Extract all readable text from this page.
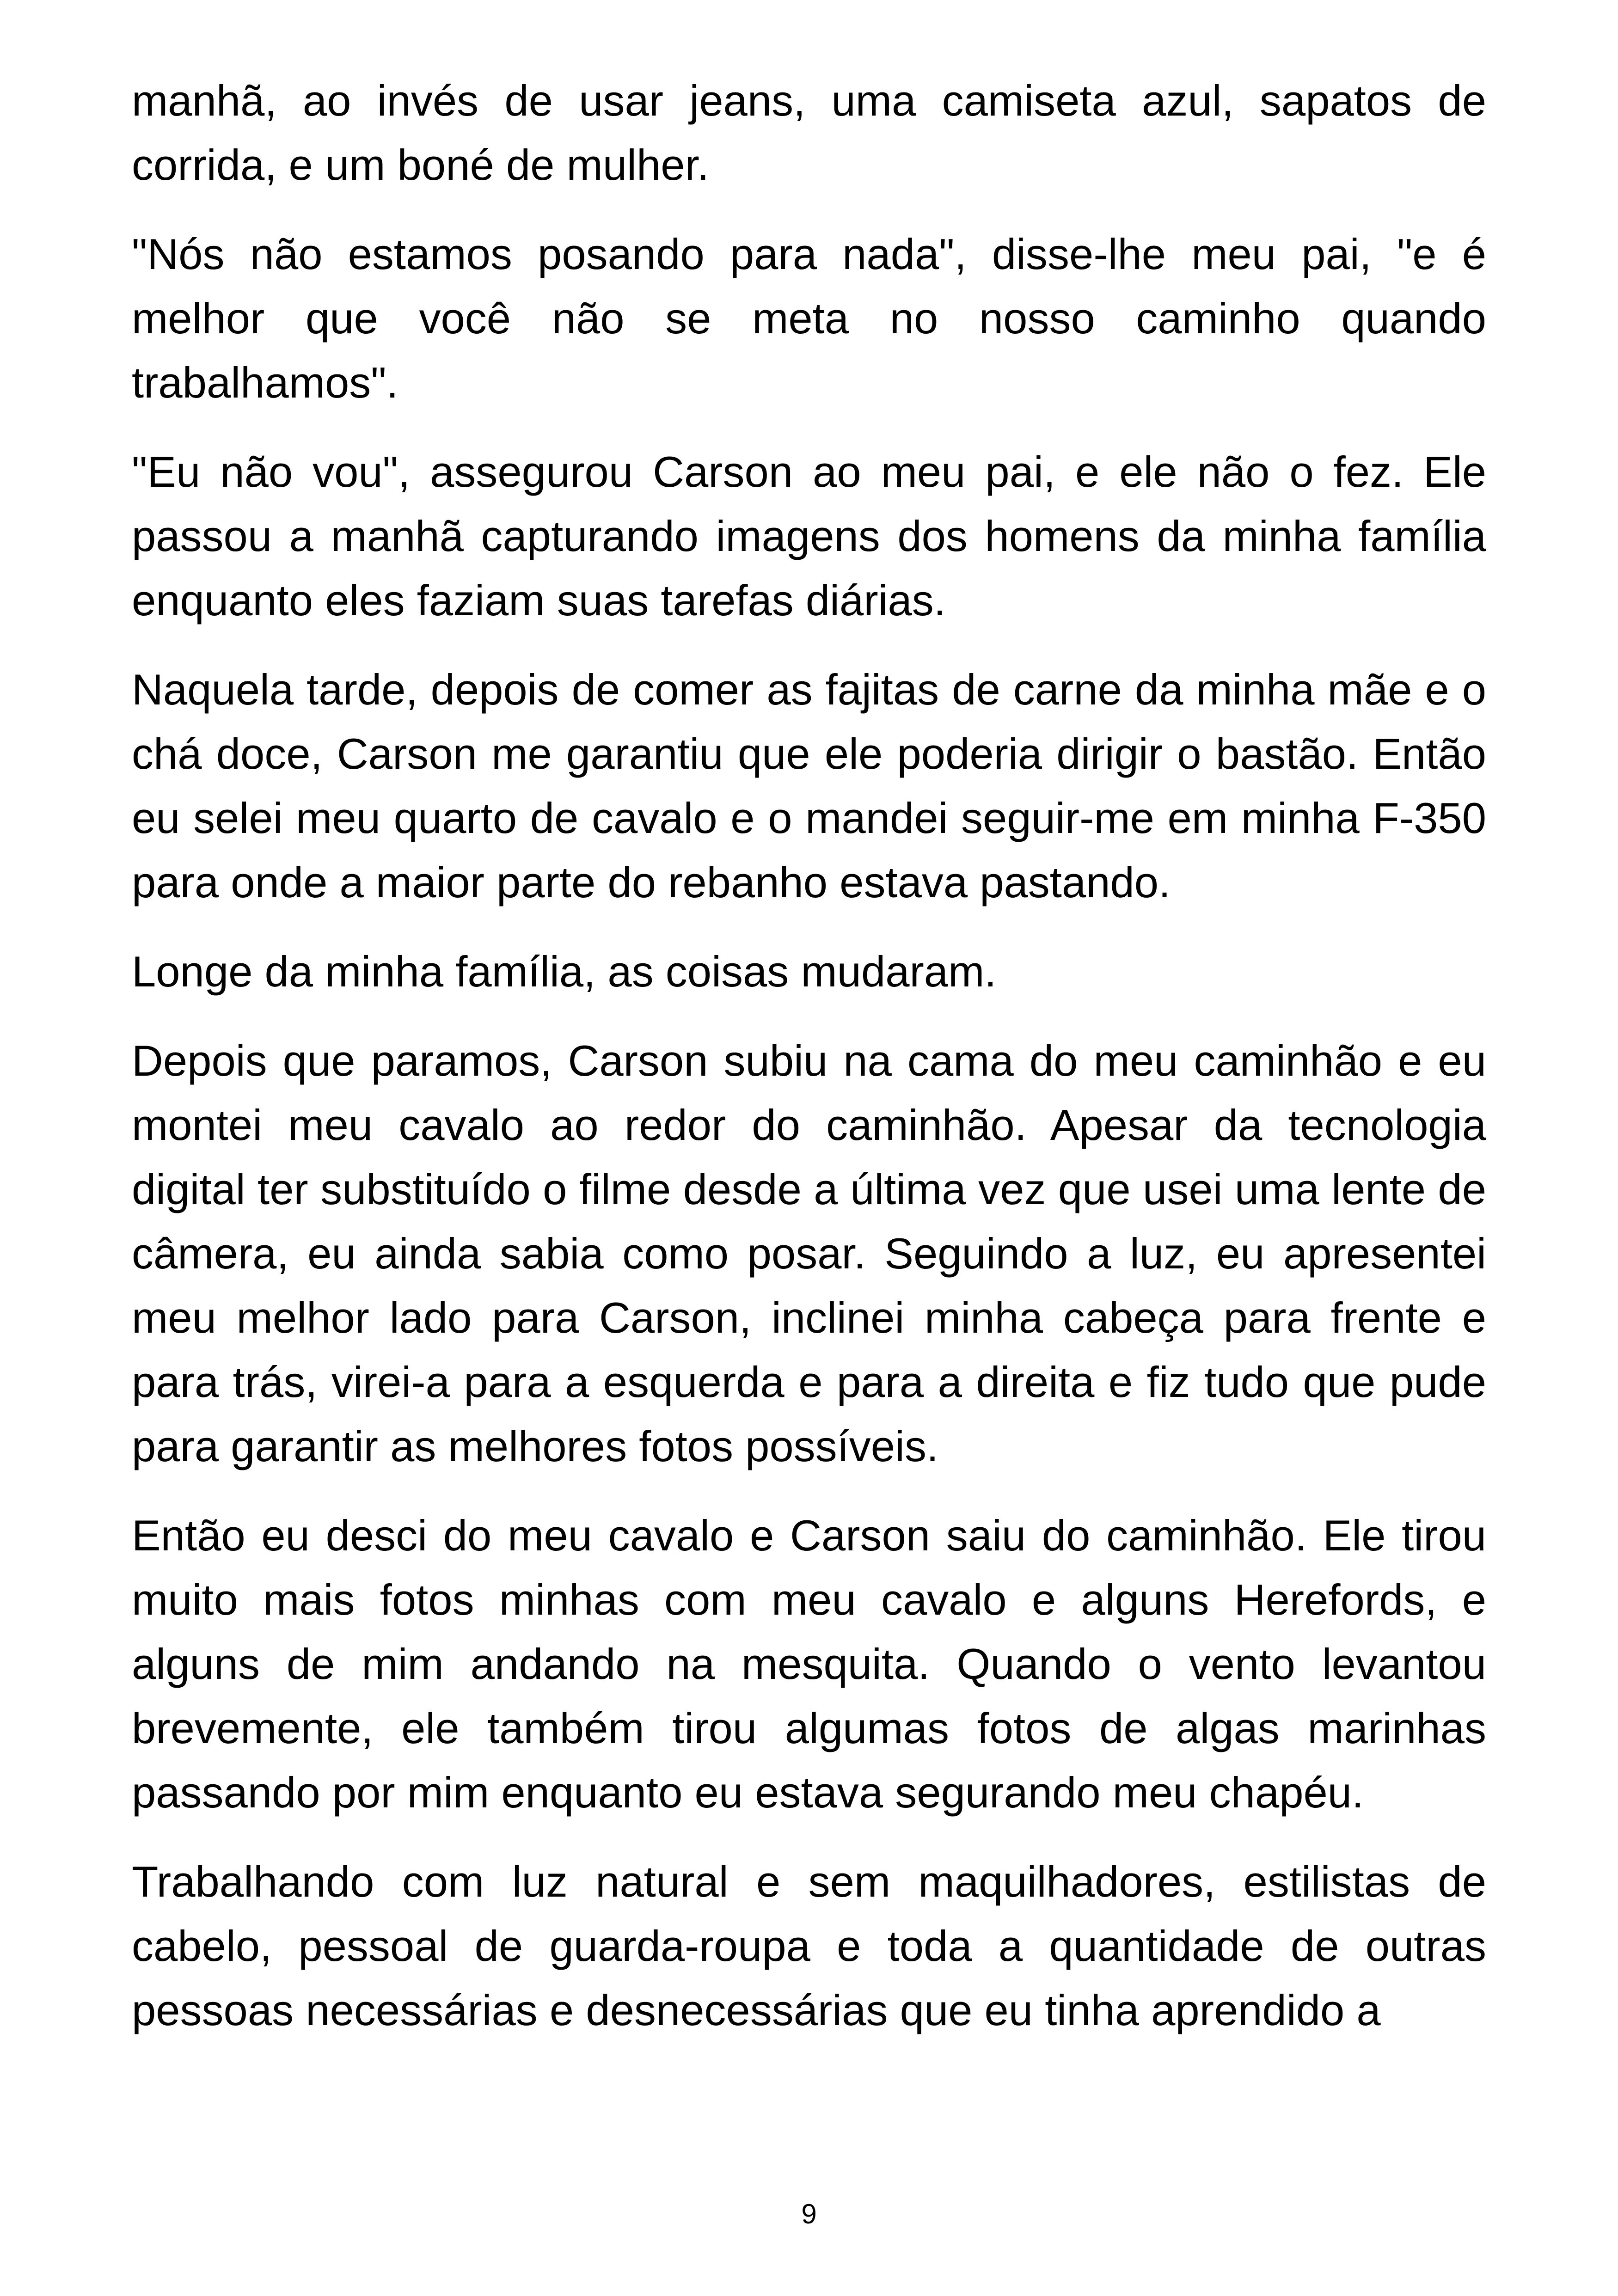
manhã, ao invés de usar jeans, uma camiseta azul, sapatos de corrida, e um boné de mulher.

"Nós não estamos posando para nada", disse-lhe meu pai, "e é melhor que você não se meta no nosso caminho quando trabalhamos".

"Eu não vou", assegurou Carson ao meu pai, e ele não o fez. Ele passou a manhã capturando imagens dos homens da minha família enquanto eles faziam suas tarefas diárias.

Naquela tarde, depois de comer as fajitas de carne da minha mãe e o chá doce, Carson me garantiu que ele poderia dirigir o bastão. Então eu selei meu quarto de cavalo e o mandei seguir-me em minha F-350 para onde a maior parte do rebanho estava pastando.

Longe da minha família, as coisas mudaram.

Depois que paramos, Carson subiu na cama do meu caminhão e eu montei meu cavalo ao redor do caminhão. Apesar da tecnologia digital ter substituído o filme desde a última vez que usei uma lente de câmera, eu ainda sabia como posar. Seguindo a luz, eu apresentei meu melhor lado para Carson, inclinei minha cabeça para frente e para trás, virei-a para a esquerda e para a direita e fiz tudo que pude para garantir as melhores fotos possíveis.

Então eu desci do meu cavalo e Carson saiu do caminhão. Ele tirou muito mais fotos minhas com meu cavalo e alguns Herefords, e alguns de mim andando na mesquita. Quando o vento levantou brevemente, ele também tirou algumas fotos de algas marinhas passando por mim enquanto eu estava segurando meu chapéu.

Trabalhando com luz natural e sem maquilhadores, estilistas de cabelo, pessoal de guarda-roupa e toda a quantidade de outras pessoas necessárias e desnecessárias que eu tinha aprendido a

9
